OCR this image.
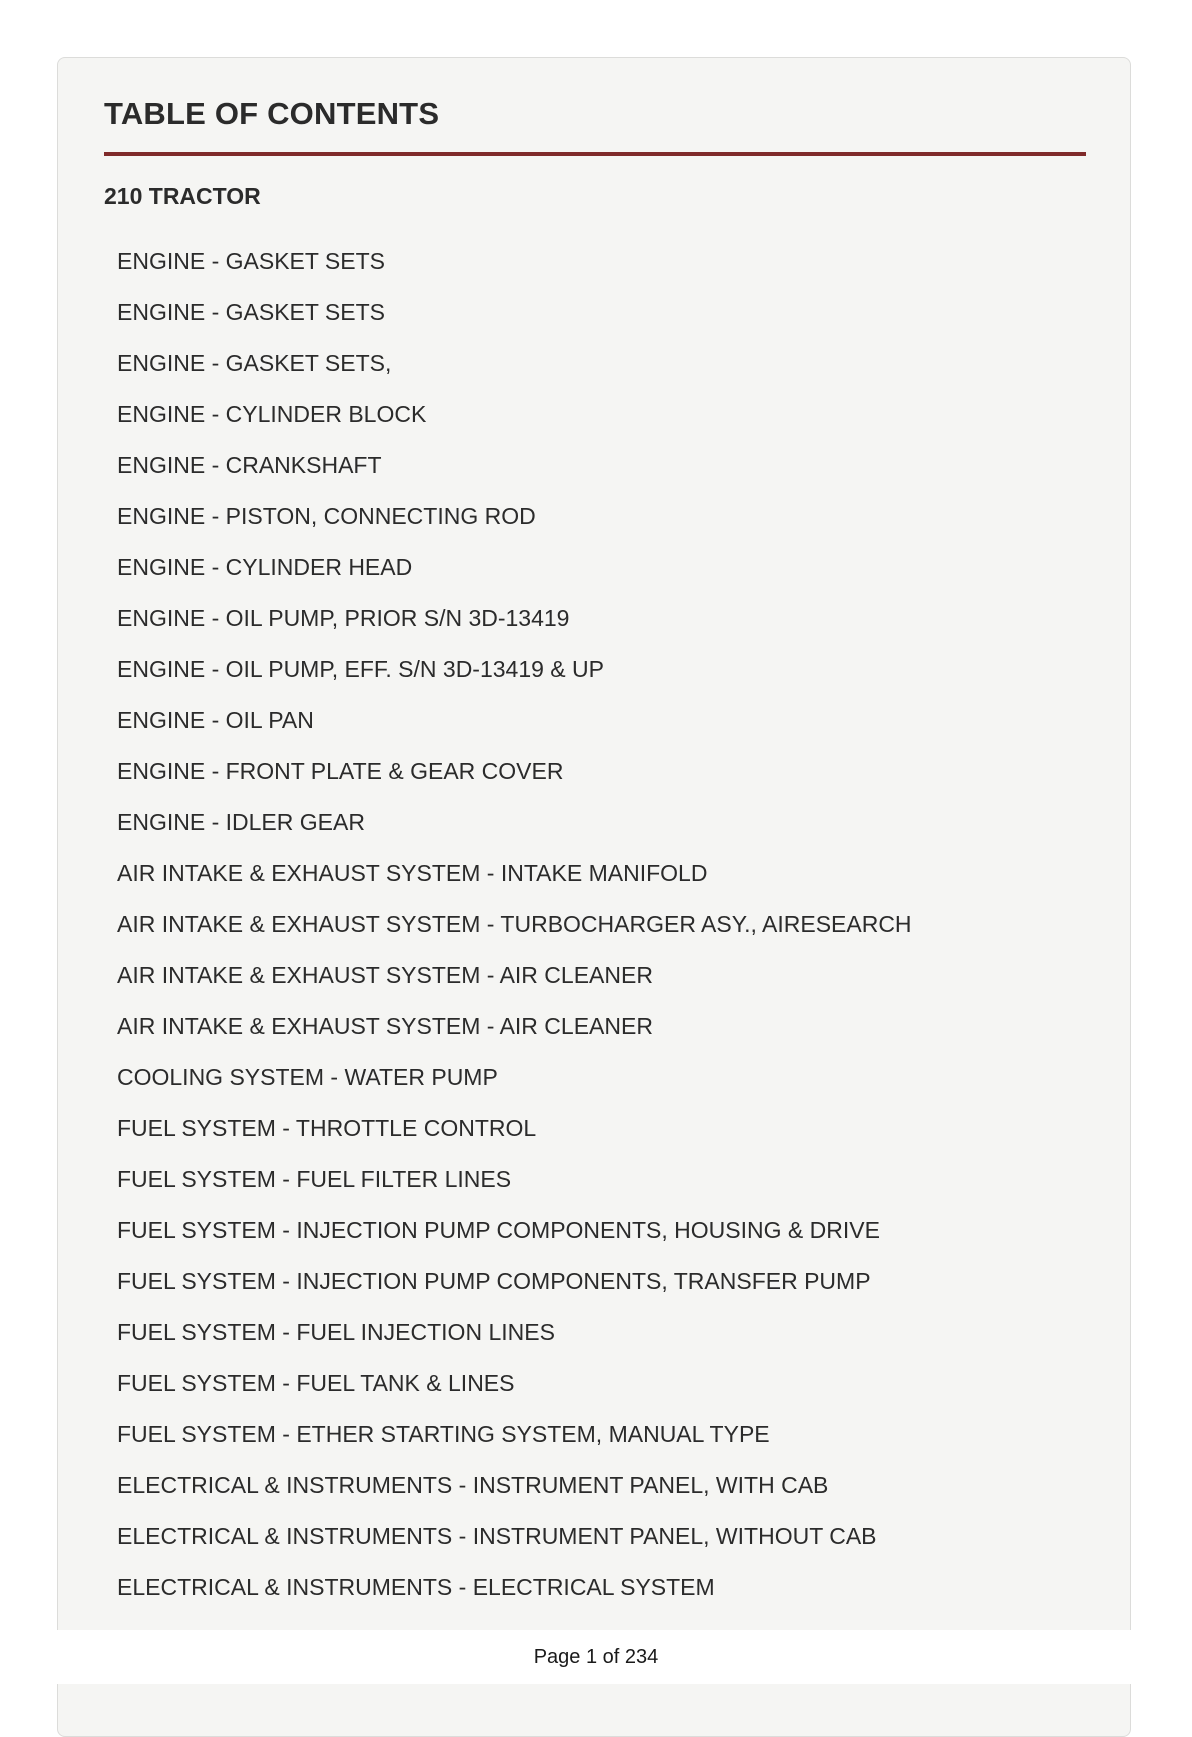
TABLE OF CONTENTS
210 TRACTOR
ENGINE - GASKET SETS
ENGINE - GASKET SETS
ENGINE - GASKET SETS,
ENGINE - CYLINDER BLOCK
ENGINE - CRANKSHAFT
ENGINE - PISTON, CONNECTING ROD
ENGINE - CYLINDER HEAD
ENGINE - OIL PUMP, PRIOR S/N 3D-13419
ENGINE - OIL PUMP, EFF. S/N 3D-13419 & UP
ENGINE - OIL PAN
ENGINE - FRONT PLATE & GEAR COVER
ENGINE - IDLER GEAR
AIR INTAKE & EXHAUST SYSTEM - INTAKE MANIFOLD
AIR INTAKE & EXHAUST SYSTEM - TURBOCHARGER ASY., AIRESEARCH
AIR INTAKE & EXHAUST SYSTEM - AIR CLEANER
AIR INTAKE & EXHAUST SYSTEM - AIR CLEANER
COOLING SYSTEM - WATER PUMP
FUEL SYSTEM - THROTTLE CONTROL
FUEL SYSTEM - FUEL FILTER LINES
FUEL SYSTEM - INJECTION PUMP COMPONENTS, HOUSING & DRIVE
FUEL SYSTEM - INJECTION PUMP COMPONENTS, TRANSFER PUMP
FUEL SYSTEM - FUEL INJECTION LINES
FUEL SYSTEM - FUEL TANK & LINES
FUEL SYSTEM - ETHER STARTING SYSTEM, MANUAL TYPE
ELECTRICAL & INSTRUMENTS - INSTRUMENT PANEL, WITH CAB
ELECTRICAL & INSTRUMENTS - INSTRUMENT PANEL, WITHOUT CAB
ELECTRICAL & INSTRUMENTS - ELECTRICAL SYSTEM
Page 1 of 234
